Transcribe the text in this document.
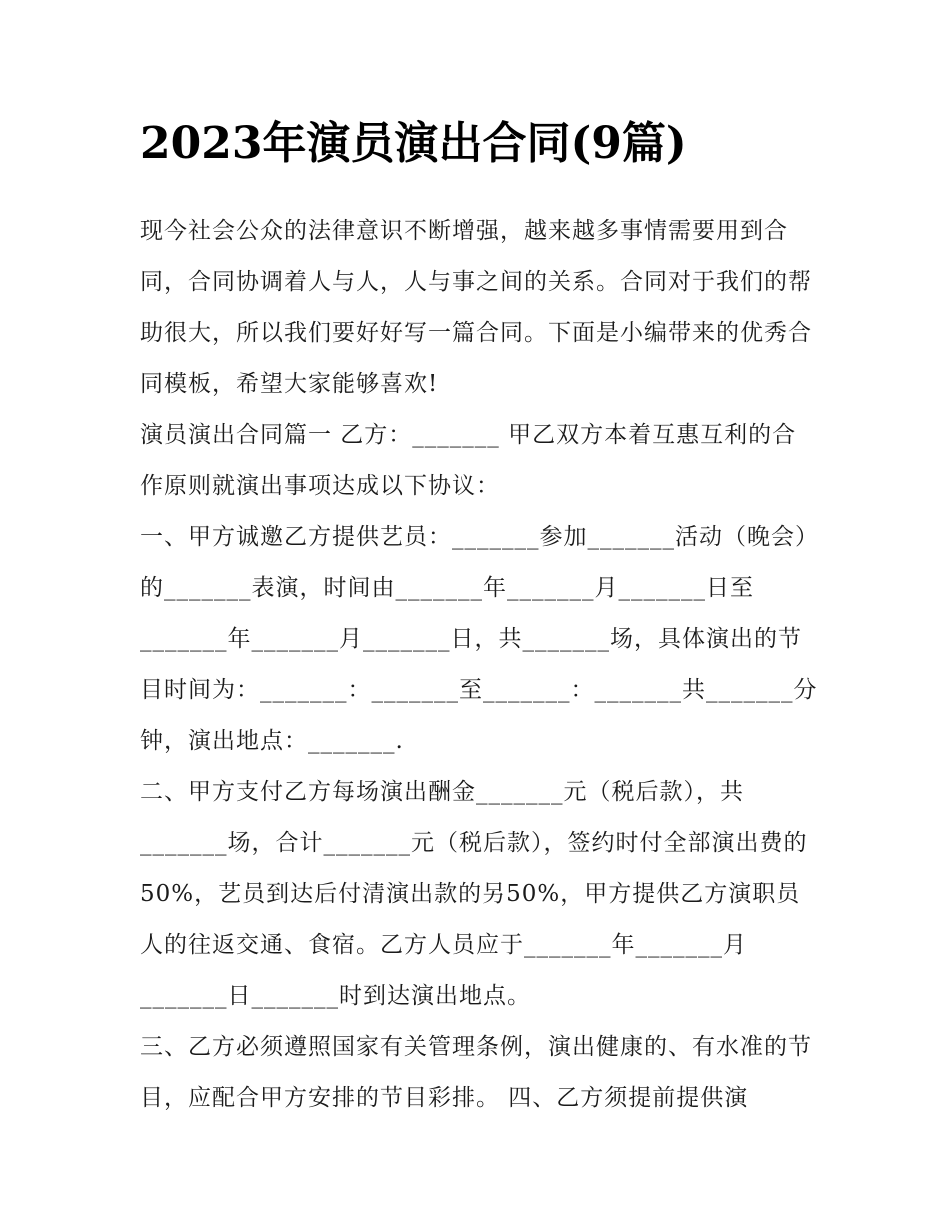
2023年演员演出合同(9篇)

现今社会公众的法律意识不断增强，越来越多事情需要用到合同，合同协调着人与人，人与事之间的关系。合同对于我们的帮助很大，所以我们要好好写一篇合同。下面是小编带来的优秀合同模板，希望大家能够喜欢!

演员演出合同篇一 乙方：_______ 甲乙双方本着互惠互利的合作原则就演出事项达成以下协议：

一、甲方诚邀乙方提供艺员：_______参加_______活动（晚会）的_______表演，时间由_______年_______月_______日至_______年_______月_______日，共_______场，具体演出的节目时间为：_______：_______至_______：_______共_______分钟，演出地点：_______.

二、甲方支付乙方每场演出酬金_______元（税后款），共_______场，合计_______元（税后款），签约时付全部演出费的50%，艺员到达后付清演出款的另50%，甲方提供乙方演职员人的往返交通、食宿。乙方人员应于_______年_______月_______日_______时到达演出地点。

三、乙方必须遵照国家有关管理条例，演出健康的、有水准的节目，应配合甲方安排的节目彩排。 四、乙方须提前提供演
